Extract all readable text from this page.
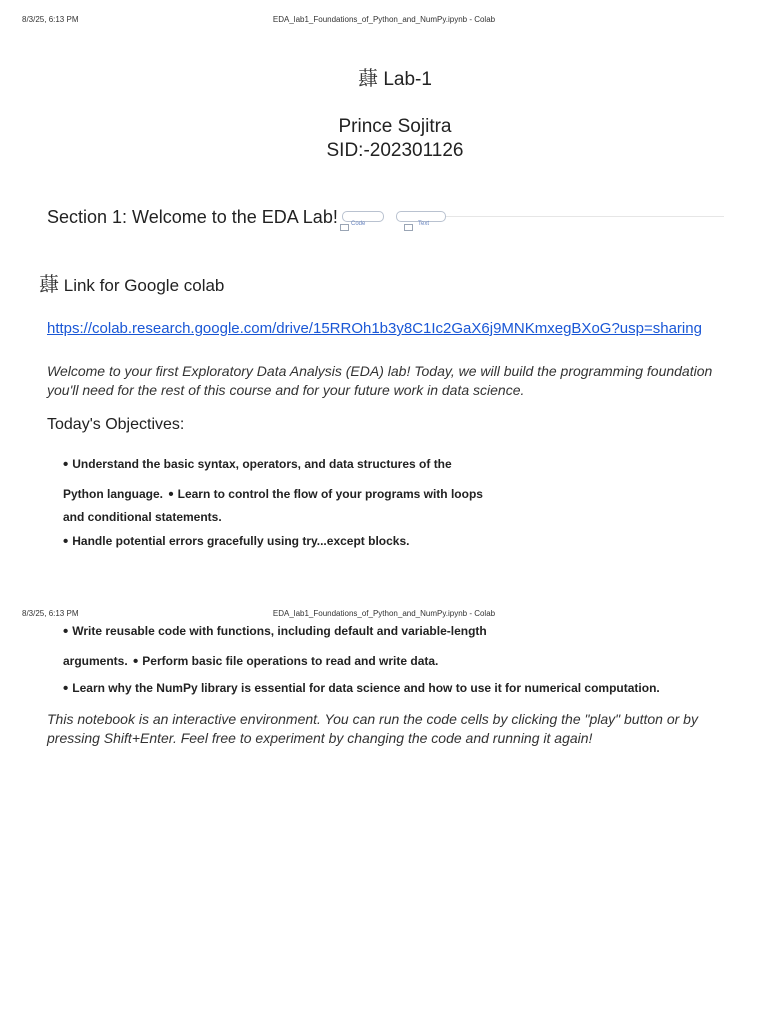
8/3/25, 6:13 PM	EDA_lab1_Foundations_of_Python_and_NumPy.ipynb - Colab
蕼 Lab-1
Prince Sojitra
SID:-202301126
Section 1: Welcome to the EDA Lab! Code	Text
蕼 Link for Google colab
https://colab.research.google.com/drive/15RROh1b3y8C1Ic2GaX6j9MNKmxegBXoG?usp=sharing
Welcome to your first Exploratory Data Analysis (EDA) lab! Today, we will build the programming foundation you'll need for the rest of this course and for your future work in data science.
Today's Objectives:
• Understand the basic syntax, operators, and data structures of the
Python language. • Learn to control the flow of your programs with loops
and conditional statements.
• Handle potential errors gracefully using try...except blocks.
8/3/25, 6:13 PM	EDA_lab1_Foundations_of_Python_and_NumPy.ipynb - Colab
• Write reusable code with functions, including default and variable-length
arguments. • Perform basic file operations to read and write data.
• Learn why the NumPy library is essential for data science and how to use it for numerical computation.
This notebook is an interactive environment. You can run the code cells by clicking the "play" button or by pressing Shift+Enter. Feel free to experiment by changing the code and running it again!
